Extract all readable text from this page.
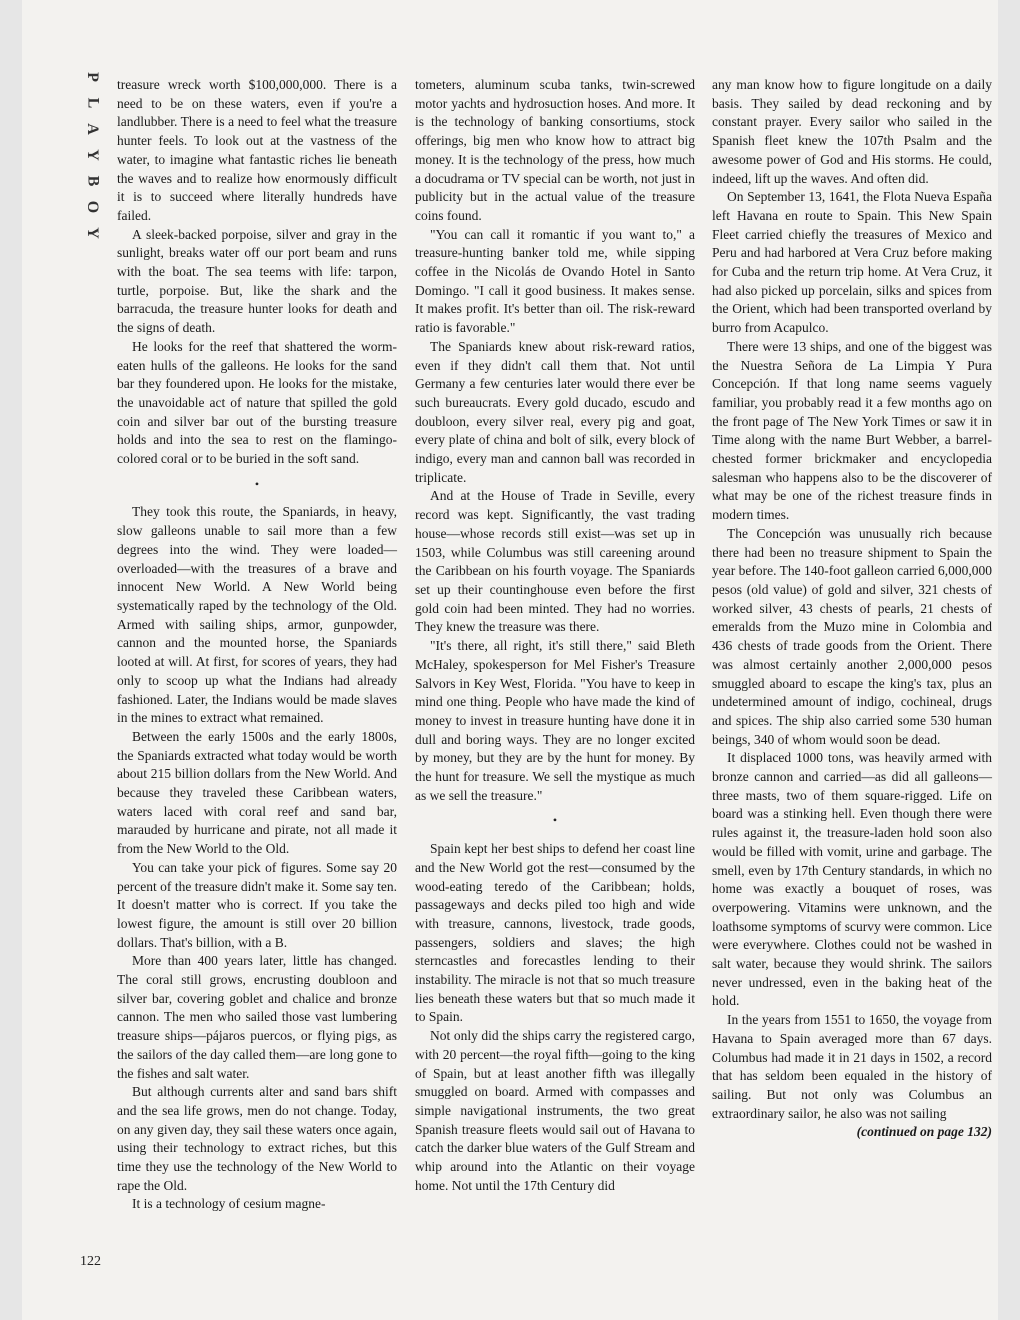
P
L
A
Y
B
O
Y

treasure wreck worth $100,000,000. There is a need to be on these waters, even if you're a landlubber. There is a need to feel what the treasure hunter feels. To look out at the vastness of the water, to imagine what fantastic riches lie beneath the waves and to realize how enormously difficult it is to succeed where literally hundreds have failed.

A sleek-backed porpoise, silver and gray in the sunlight, breaks water off our port beam and runs with the boat. The sea teems with life: tarpon, turtle, porpoise. But, like the shark and the barracuda, the treasure hunter looks for death and the signs of death.

He looks for the reef that shattered the worm-eaten hulls of the galleons. He looks for the sand bar they foundered upon. He looks for the mistake, the unavoidable act of nature that spilled the gold coin and silver bar out of the bursting treasure holds and into the sea to rest on the flamingo-colored coral or to be buried in the soft sand.

•

They took this route, the Spaniards, in heavy, slow galleons unable to sail more than a few degrees into the wind. They were loaded—overloaded—with the treasures of a brave and innocent New World. A New World being systematically raped by the technology of the Old. Armed with sailing ships, armor, gunpowder, cannon and the mounted horse, the Spaniards looted at will. At first, for scores of years, they had only to scoop up what the Indians had already fashioned. Later, the Indians would be made slaves in the mines to extract what remained.

Between the early 1500s and the early 1800s, the Spaniards extracted what today would be worth about 215 billion dollars from the New World. And because they traveled these Caribbean waters, waters laced with coral reef and sand bar, marauded by hurricane and pirate, not all made it from the New World to the Old.

You can take your pick of figures. Some say 20 percent of the treasure didn't make it. Some say ten. It doesn't matter who is correct. If you take the lowest figure, the amount is still over 20 billion dollars. That's billion, with a B.

More than 400 years later, little has changed. The coral still grows, encrusting doubloon and silver bar, covering goblet and chalice and bronze cannon. The men who sailed those vast lumbering treasure ships—pájaros puercos, or flying pigs, as the sailors of the day called them—are long gone to the fishes and salt water.

But although currents alter and sand bars shift and the sea life grows, men do not change. Today, on any given day, they sail these waters once again, using their technology to extract riches, but this time they use the technology of the New World to rape the Old.

It is a technology of cesium magne-

tometers, aluminum scuba tanks, twin-screwed motor yachts and hydrosuction hoses. And more. It is the technology of banking consortiums, stock offerings, big men who know how to attract big money. It is the technology of the press, how much a docudrama or TV special can be worth, not just in publicity but in the actual value of the treasure coins found.

"You can call it romantic if you want to," a treasure-hunting banker told me, while sipping coffee in the Nicolás de Ovando Hotel in Santo Domingo. "I call it good business. It makes sense. It makes profit. It's better than oil. The risk-reward ratio is favorable."

The Spaniards knew about risk-reward ratios, even if they didn't call them that. Not until Germany a few centuries later would there ever be such bureaucrats. Every gold ducado, escudo and doubloon, every silver real, every pig and goat, every plate of china and bolt of silk, every block of indigo, every man and cannon ball was recorded in triplicate.

And at the House of Trade in Seville, every record was kept. Significantly, the vast trading house—whose records still exist—was set up in 1503, while Columbus was still careening around the Caribbean on his fourth voyage. The Spaniards set up their countinghouse even before the first gold coin had been minted. They had no worries. They knew the treasure was there.

"It's there, all right, it's still there," said Bleth McHaley, spokesperson for Mel Fisher's Treasure Salvors in Key West, Florida. "You have to keep in mind one thing. People who have made the kind of money to invest in treasure hunting have done it in dull and boring ways. They are no longer excited by money, but they are by the hunt for money. By the hunt for treasure. We sell the mystique as much as we sell the treasure."

•

Spain kept her best ships to defend her coast line and the New World got the rest—consumed by the wood-eating teredo of the Caribbean; holds, passageways and decks piled too high and wide with treasure, cannons, livestock, trade goods, passengers, soldiers and slaves; the high sterncastles and forecastles lending to their instability. The miracle is not that so much treasure lies beneath these waters but that so much made it to Spain.

Not only did the ships carry the registered cargo, with 20 percent—the royal fifth—going to the king of Spain, but at least another fifth was illegally smuggled on board. Armed with compasses and simple navigational instruments, the two great Spanish treasure fleets would sail out of Havana to catch the darker blue waters of the Gulf Stream and whip around into the Atlantic on their voyage home. Not until the 17th Century did

any man know how to figure longitude on a daily basis. They sailed by dead reckoning and by constant prayer. Every sailor who sailed in the Spanish fleet knew the 107th Psalm and the awesome power of God and His storms. He could, indeed, lift up the waves. And often did.

On September 13, 1641, the Flota Nueva España left Havana en route to Spain. This New Spain Fleet carried chiefly the treasures of Mexico and Peru and had harbored at Vera Cruz before making for Cuba and the return trip home. At Vera Cruz, it had also picked up porcelain, silks and spices from the Orient, which had been transported overland by burro from Acapulco.

There were 13 ships, and one of the biggest was the Nuestra Señora de La Limpia Y Pura Concepción. If that long name seems vaguely familiar, you probably read it a few months ago on the front page of The New York Times or saw it in Time along with the name Burt Webber, a barrel-chested former brickmaker and encyclopedia salesman who happens also to be the discoverer of what may be one of the richest treasure finds in modern times.

The Concepción was unusually rich because there had been no treasure shipment to Spain the year before. The 140-foot galleon carried 6,000,000 pesos (old value) of gold and silver, 321 chests of worked silver, 43 chests of pearls, 21 chests of emeralds from the Muzo mine in Colombia and 436 chests of trade goods from the Orient. There was almost certainly another 2,000,000 pesos smuggled aboard to escape the king's tax, plus an undetermined amount of indigo, cochineal, drugs and spices. The ship also carried some 530 human beings, 340 of whom would soon be dead.

It displaced 1000 tons, was heavily armed with bronze cannon and carried—as did all galleons—three masts, two of them square-rigged. Life on board was a stinking hell. Even though there were rules against it, the treasure-laden hold soon also would be filled with vomit, urine and garbage. The smell, even by 17th Century standards, in which no home was exactly a bouquet of roses, was overpowering. Vitamins were unknown, and the loathsome symptoms of scurvy were common. Lice were everywhere. Clothes could not be washed in salt water, because they would shrink. The sailors never undressed, even in the baking heat of the hold.

In the years from 1551 to 1650, the voyage from Havana to Spain averaged more than 67 days. Columbus had made it in 21 days in 1502, a record that has seldom been equaled in the history of sailing. But not only was Columbus an extraordinary sailor, he also was not sailing

(continued on page 132)

122
